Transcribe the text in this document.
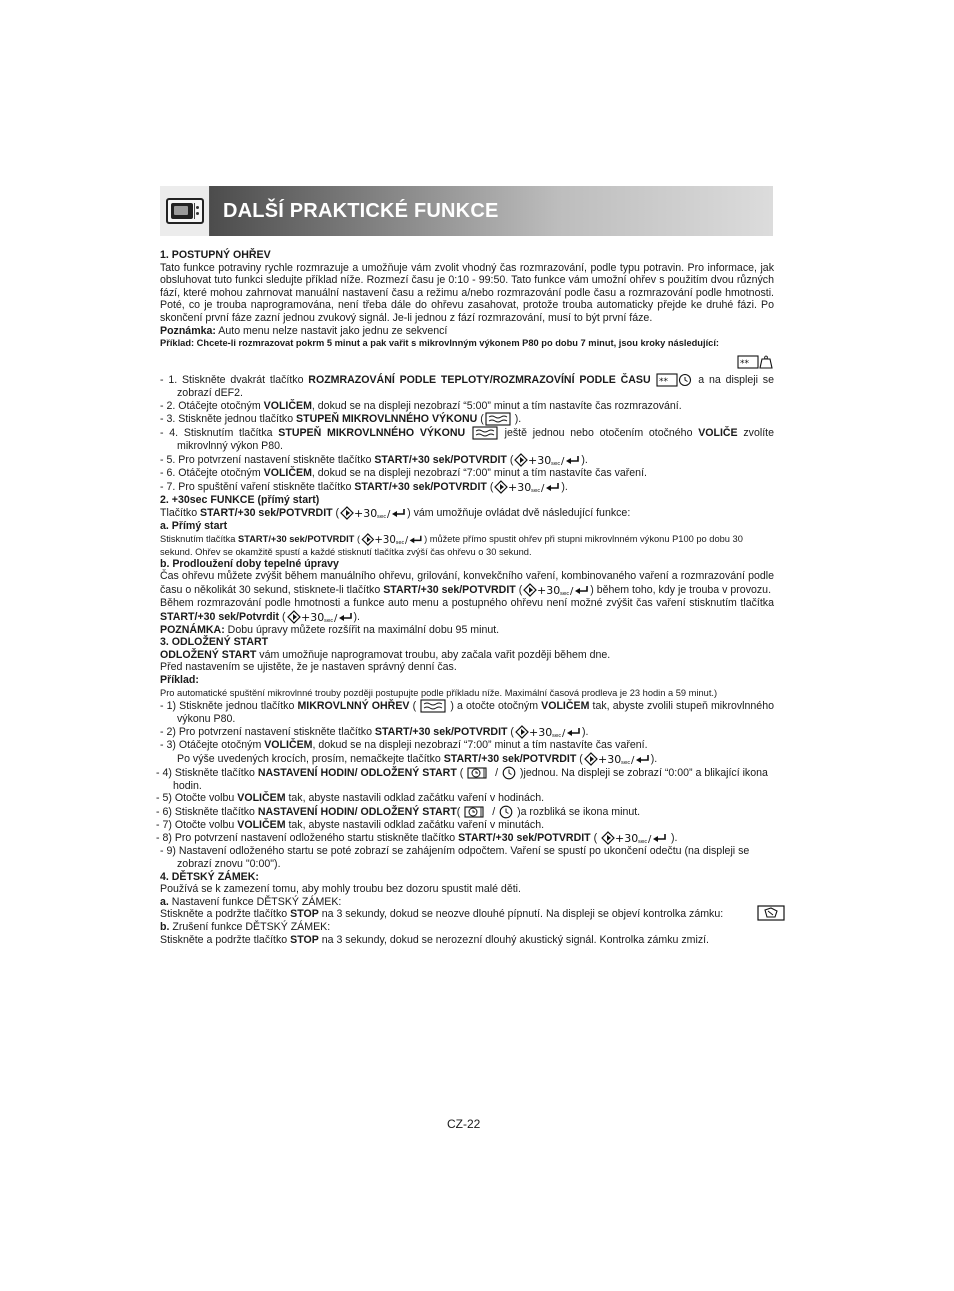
DALŠÍ PRAKTICKÉ FUNKCE

1. POSTUPNÝ OHŘEV

Tato funkce potraviny rychle rozmrazuje a umožňuje vám zvolit vhodný čas rozmrazování, podle typu potravin. Pro informace, jak obsluhovat tuto funkci sledujte příklad níže. Rozmezí času je 0:10 - 99:50. Tato funkce vám umožní ohřev s použitím dvou různých fází, které mohou zahrnovat manuální nastavení času a režimu a/nebo rozmrazování podle času a rozmrazování podle hmotnosti. Poté, co je trouba naprogramována, není třeba dále do ohřevu zasahovat, protože trouba automaticky přejde ke druhé fázi. Po skončení první fáze zazní jednou zvukový signál. Je-li jednou z fází rozmrazování, musí to být první fáze.

Poznámka: Auto menu nelze nastavit jako jednu ze sekvencí

Příklad: Chcete-li rozmrazovat pokrm 5 minut a pak vařit s mikrovlnným výkonem P80 po dobu 7 minut, jsou kroky následující:

- 1. Stiskněte dvakrát tlačítko ROZMRAZOVÁNÍ PODLE TEPLOTY/ROZMRAZOVÍNÍ PODLE ČASU	a na displeji se zobrazí dEF2.

- 2. Otáčejte otočným VOLIČEM, dokud se na displeji nezobrazí “5:00” minut a tím nastavíte čas rozmrazování.

- 3. Stiskněte jednou tlačítko STUPEŇ MIKROVLNNÉHO VÝKONU (	).

- 4. Stisknutím tlačítka STUPEŇ MIKROVLNNÉHO VÝKONU	ještě jednou nebo otočením otočného VOLIČE zvolíte mikrovlnný výkon P80.

- 5. Pro potvrzení nastavení stiskněte tlačítko START/+30 sek/POTVRDIT (	).

- 6. Otáčejte otočným VOLIČEM, dokud se na displeji nezobrazí “7:00” minut a tím nastavíte čas vaření.

- 7. Pro spuštění vaření stiskněte tlačítko START/+30 sek/POTVRDIT (	).

2. +30sec FUNKCE (přímý start)

Tlačítko START/+30 sek/POTVRDIT (	) vám umožňuje ovládat dvě následující funkce:

a. Přímý start

Stisknutím tlačítka START/+30 sek/POTVRDIT (	) můžete přímo spustit ohřev při stupni mikrovlnném výkonu P100 po dobu 30 sekund. Ohřev se okamžitě spustí a každé stisknutí tlačítka zvýší čas ohřevu o 30 sekund.

b. Prodloužení doby tepelné úpravy

Čas ohřevu můžete zvýšit během manuálního ohřevu, grilování, konvekčního vaření, kombinovaného vaření a rozmrazování podle času o několikát 30 sekund, stisknete-li tlačítko START/+30 sek/POTVRDIT (	) během toho, kdy je trouba v provozu.

Během rozmrazování podle hmotnosti a funkce auto menu a postupného ohřevu není možné zvýšit čas vaření stisknutím tlačítka START/+30 sek/Potvrdit (	).

POZNÁMKA: Dobu úpravy můžete rozšířit na maximální dobu 95 minut.

3. ODLOŽENÝ START

ODLOŽENÝ START vám umožňuje naprogramovat troubu, aby začala vařit později během dne.

Před nastavením se ujistěte, že je nastaven správný denní čas.

Příklad:

Pro automatické spuštění mikrovlnné trouby později postupujte podle příkladu níže. Maximální časová prodleva je 23 hodin a 59 minut.)

- 1) Stiskněte jednou tlačítko MIKROVLNNÝ OHŘEV (	) a otočte otočným VOLIČEM tak, abyste zvolili stupeň mikrovlnného výkonu P80.

- 2) Pro potvrzení nastavení stiskněte tlačítko START/+30 sek/POTVRDIT (	).

- 3) Otáčejte otočným VOLIČEM, dokud se na displeji nezobrazí “7:00” minut a tím nastavíte čas vaření.

Po výše uvedených krocích, prosím, nemačkejte tlačítko START/+30 sek/POTVRDIT (	).

- 4) Stiskněte tlačítko NASTAVENÍ HODIN/ ODLOŽENÝ START (
/
)jednou. Na displeji se zobrazí “0:00” a blikající ikona hodin.

- 5) Otočte volbu VOLIČEM tak, abyste nastavili odklad začátku vaření v hodinách.

- 6) Stiskněte tlačítko NASTAVENÍ HODIN/ ODLOŽENÝ START(
/
)a rozbliká se ikona minut.

- 7) Otočte volbu VOLIČEM tak, abyste nastavili odklad začátku vaření v minutách.

- 8) Pro potvrzení nastavení odloženého startu stiskněte tlačítko START/+30 sek/POTVRDIT (	).

- 9) Nastavení odloženého startu se poté zobrazí se zahájením odpočtem. Vaření se spustí po ukončení odečtu (na displeji se zobrazí znovu "0:00").

4. DĚTSKÝ ZÁMEK:

Používá se k zamezení tomu, aby mohly troubu bez dozoru spustit malé děti.

a. Nastavení funkce DĚTSKÝ ZÁMEK:

Stiskněte a podržte tlačítko STOP na 3 sekundy, dokud se neozve dlouhé pípnutí. Na displeji se objeví kontrolka zámku:

b. Zrušení funkce DĚTSKÝ ZÁMEK:

Stiskněte a podržte tlačítko STOP na 3 sekundy, dokud se nerozezní dlouhý akustický signál. Kontrolka zámku zmizí.

CZ-22
